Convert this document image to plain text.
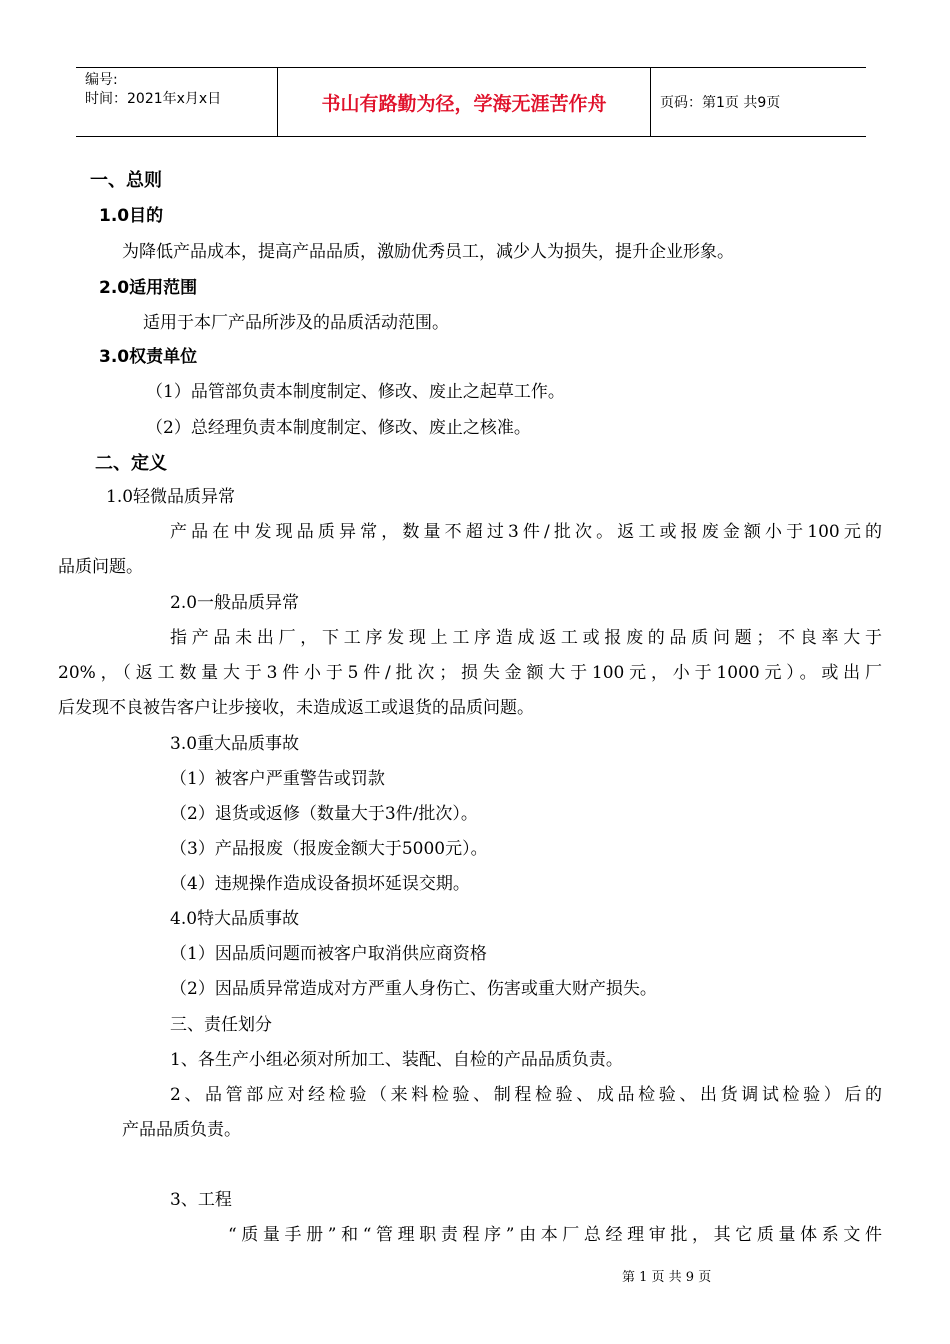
编号:
时间：2021年x月x日	书山有路勤为径，学海无涯苦作舟	页码：第1页 共9页
一、总则
1.0目的
为降低产品成本，提高产品品质，激励优秀员工，减少人为损失，提升企业形象。
2.0适用范围
适用于本厂产品所涉及的品质活动范围。
3.0权责单位
（1）品管部负责本制度制定、修改、废止之起草工作。
（2）总经理负责本制度制定、修改、废止之核准。
二、定义
1.0轻微品质异常
产品在中发现品质异常，数量不超过3件/批次。返工或报废金额小于100元的
品质问题。
2.0一般品质异常
指产品未出厂，下工序发现上工序造成返工或报废的品质问题；不良率大于
20%，（返工数量大于3件小于5件/批次；损失金额大于100元，小于1000元）。或出厂
后发现不良被告客户让步接收，未造成返工或退货的品质问题。
3.0重大品质事故
（1）被客户严重警告或罚款
（2）退货或返修（数量大于3件/批次）。
（3）产品报废（报废金额大于5000元）。
（4）违规操作造成设备损坏延误交期。
4.0特大品质事故
（1）因品质问题而被客户取消供应商资格
（2）因品质异常造成对方严重人身伤亡、伤害或重大财产损失。
三、责任划分
1、各生产小组必须对所加工、装配、自检的产品品质负责。
2、品管部应对经检验（来料检验、制程检验、成品检验、出货调试检验）后的
产品品质负责。
3、工程
“质量手册”和“管理职责程序”由本厂总经理审批，其它质量体系文件
第 1 页 共 9 页
